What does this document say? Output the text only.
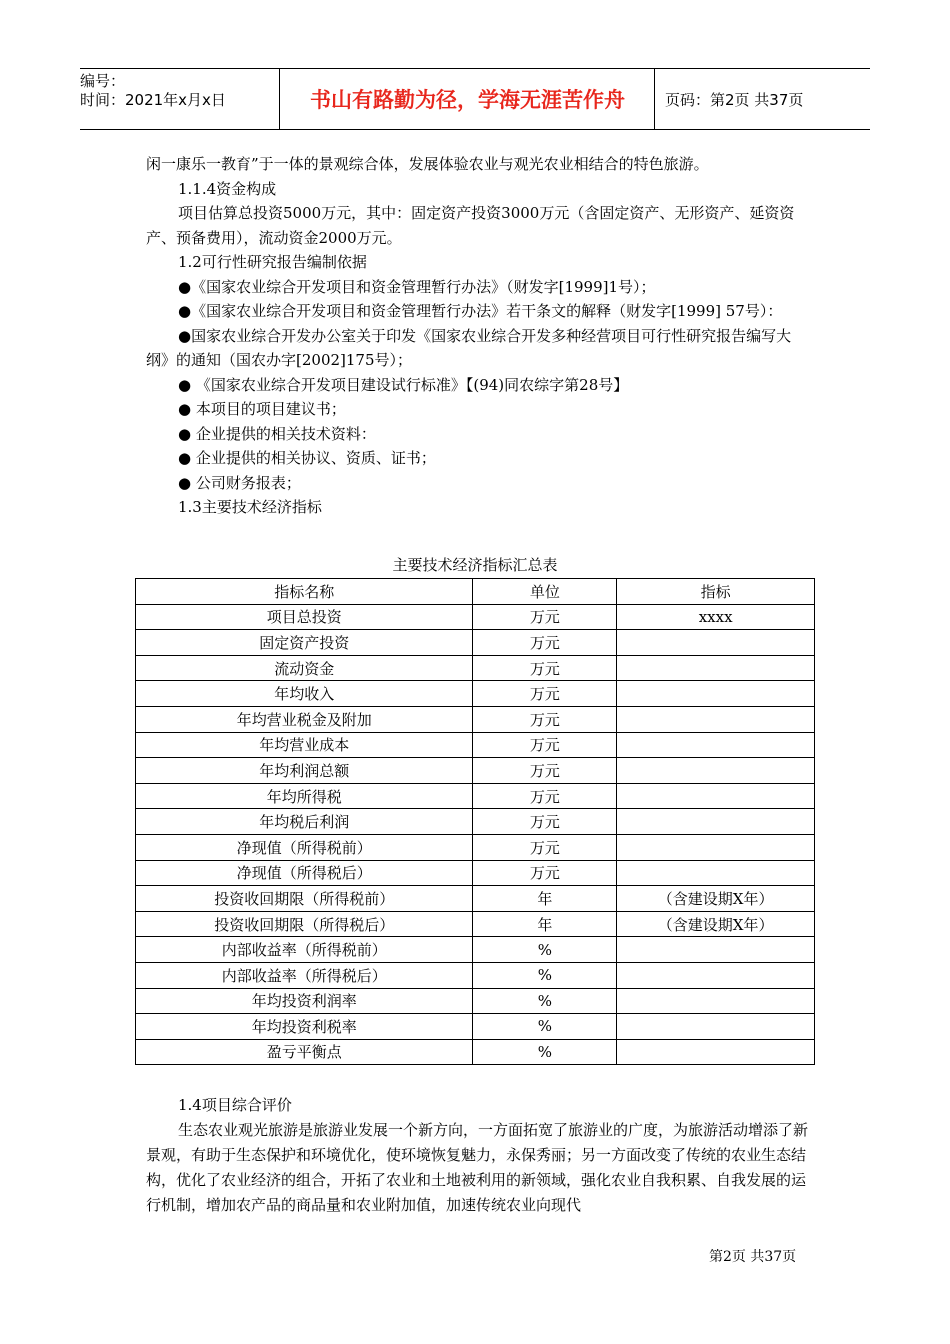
编号：
时间：2021年x月x日	书山有路勤为径，学海无涯苦作舟	页码：第2页 共37页

闲一康乐一教育”于一体的景观综合体，发展体验农业与观光农业相结合的特色旅游。

1.1.4资金构成

项目估算总投资5000万元，其中：固定资产投资3000万元（含固定资产、无形资产、延资资产、预备费用），流动资金2000万元。

1.2可行性研究报告编制依据

●《国家农业综合开发项目和资金管理暂行办法》（财发字[1999]1号）；

●《国家农业综合开发项目和资金管理暂行办法》若干条文的解释（财发字[1999] 57号）：

●国家农业综合开发办公室关于印发《国家农业综合开发多种经营项目可行性研究报告编写大纲》的通知（国农办字[2002]175号）；

● 《国家农业综合开发项目建设试行标准》【(94)同农综字第28号】

● 本项目的项目建议书；

● 企业提供的相关技术资料：

● 企业提供的相关协议、资质、证书；

● 公司财务报表；

1.3主要技术经济指标

主要技术经济指标汇总表
指标名称	单位	指标
项目总投资	万元	xxxx
固定资产投资	万元	
流动资金	万元	
年均收入	万元	
年均营业税金及附加	万元	
年均营业成本	万元	
年均利润总额	万元	
年均所得税	万元	
年均税后利润	万元	
净现值（所得税前）	万元	
净现值（所得税后）	万元	
投资收回期限（所得税前）	年	（含建设期X年）
投资收回期限（所得税后）	年	（含建设期X年）
内部收益率（所得税前）	%	
内部收益率（所得税后）	%	
年均投资利润率	%	
年均投资利税率	%	
盈亏平衡点	%	

1.4项目综合评价

生态农业观光旅游是旅游业发展一个新方向，一方面拓宽了旅游业的广度，为旅游活动增添了新景观，有助于生态保护和环境优化，使环境恢复魅力，永保秀丽；另一方面改变了传统的农业生态结构，优化了农业经济的组合，开拓了农业和土地被利用的新领域，强化农业自我积累、自我发展的运行机制，增加农产品的商品量和农业附加值，加速传统农业向现代

第2页 共37页
